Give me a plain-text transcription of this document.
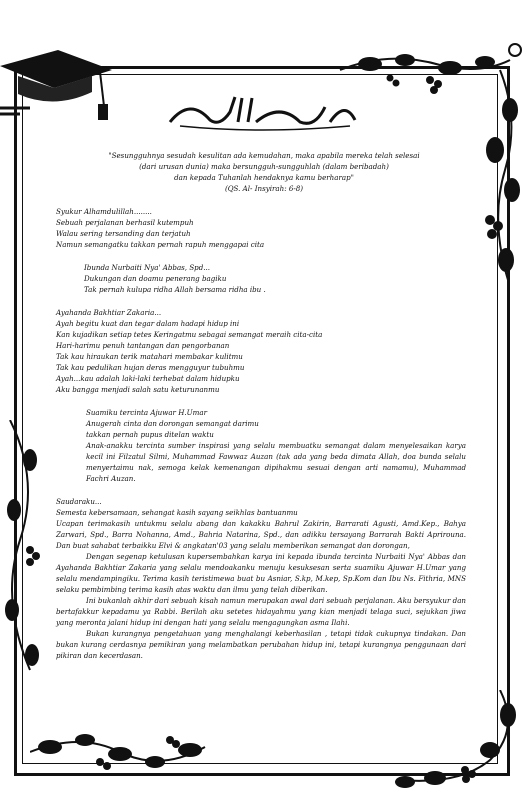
"Sesungguhnya sesudah kesulitan ada kemudahan, maka apabila mereka telah selesai

(dari urusan dunia) maka bersungguh-sungguhlah (dalam beribadah)

dan kepada Tuhanlah hendaknya kamu berharap"

(QS. Al- Insyirah: 6-8)

Syukur Alhamdulillah........

Sebuah perjalanan berhasil kutempuh

Walau sering tersanding dan terjatuh

Namun semangatku takkan pernah rapuh menggapai cita

Ibunda Nurbaiti Nya' Abbas, Spd...

Dukungan dan doamu penerang bagiku

Tak pernah kulupa ridha Allah bersama ridha ibu .

Ayahanda Bakhtiar Zakaria...

Ayah begitu kuat dan tegar dalam hadapi hidup ini

Kan kujadikan setiap tetes Keringatmu sebagai semangat meraih cita-cita

Hari-harimu penuh tantangan dan pengorbanan

Tak kau hiraukan terik matahari membakar kulitmu

Tak kau pedulikan hujan deras mengguyur tubuhmu

Ayah...kau adalah laki-laki terhebat dalam hidupku

Aku bangga menjadi salah satu keturunanmu

Suamiku tercinta Ajuwar H.Umar

Anugerah cinta dan dorongan semangat darimu

takkan pernah pupus ditelan waktu

Anak-anakku tercinta sumber inspirasi yang selalu membuatku semangat dalam menyelesaikan karya kecil ini Filzatul Silmi, Muhammad Fawwaz Auzan (tak ada yang beda dimata Allah, doa bunda selalu menyertaimu nak, semoga kelak kemenangan dipihakmu sesuai dengan arti namamu), Muhammad Fachri Auzan.

Saudaraku...

Semesta kebersamaan, sehangat kasih sayang seikhlas bantuanmu

Ucapan terimakasih untukmu selalu abang dan kakakku Bahrul Zakirin, Barrarati Agusti, Amd.Kep., Bahya Zarwari, Spd., Barra Nohanna, Amd., Bahria Natarina, Spd., dan adikku tersayang Barrarah Bakti Aprirouna. Dan buat sahabat terbaikku Elvi & angkatan'03 yang selalu memberikan semangat dan dorongan,

Dengan segenap ketulusan kupersembahkan karya ini kepada ibunda tercinta Nurbaiti Nya' Abbas dan Ayahanda Bakhtiar Zakaria yang selalu mendoakanku menuju kesuksesan serta suamiku Ajuwar H.Umar yang selalu mendampingiku. Terima kasih teristimewa buat bu Asniar, S.kp, M.kep, Sp.Kom dan Ibu Ns. Fithria, MNS selaku pembimbing terima kasih atas waktu dan ilmu yang telah diberikan.

Ini bukanlah akhir dari sebuah kisah namun merupakan awal dari sebuah perjalanan. Aku bersyukur dan bertafakkur kepadamu ya Rabbi. Berilah aku setetes hidayahmu yang kian menjadi telaga suci, sejukkan jiwa yang meronta jalani hidup ini dengan hati yang selalu mengagungkan asma Ilahi.

Bukan kurangnya pengetahuan yang menghalangi keberhasilan , tetapi tidak cukupnya tindakan. Dan bukan kurang cerdasnya pemikiran yang melambatkan perubahan hidup ini, tetapi kurangnya penggunaan dari pikiran dan kecerdasan.
